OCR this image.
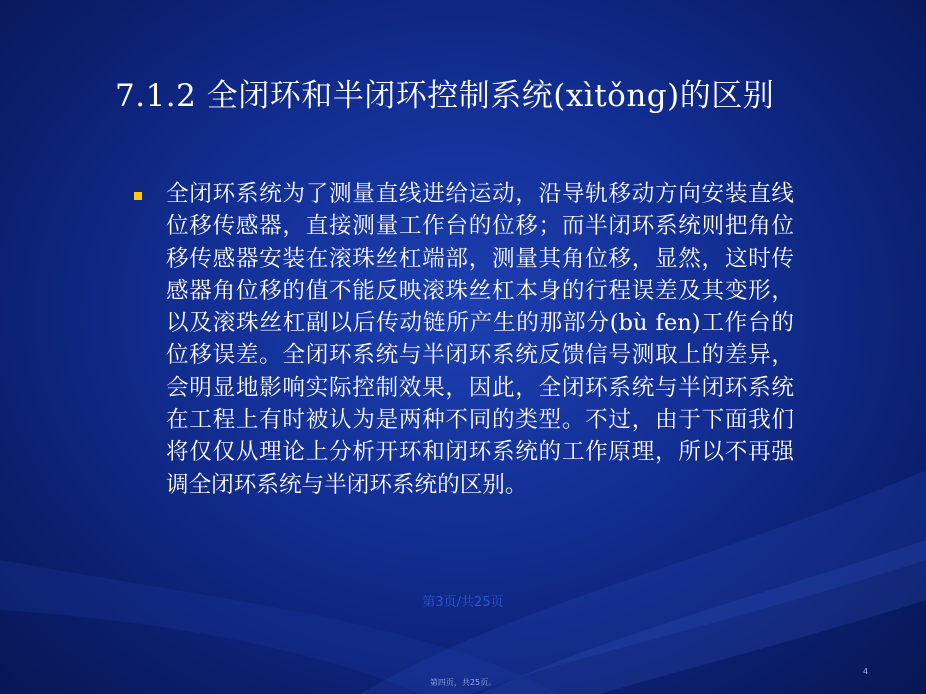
7.1.2 全闭环和半闭环控制系统(xìtǒng)的区别
全闭环系统为了测量直线进给运动，沿导轨移动方向安装直线位移传感器，直接测量工作台的位移；而半闭环系统则把角位移传感器安装在滚珠丝杠端部，测量其角位移，显然，这时传感器角位移的值不能反映滚珠丝杠本身的行程误差及其变形，以及滚珠丝杠副以后传动链所产生的那部分(bù fen)工作台的位移误差。全闭环系统与半闭环系统反馈信号测取上的差异，会明显地影响实际控制效果，因此，全闭环系统与半闭环系统在工程上有时被认为是两种不同的类型。不过，由于下面我们将仅仅从理论上分析开环和闭环系统的工作原理，所以不再强调全闭环系统与半闭环系统的区别。
第3页/共25页
4
第四页，共25页。
